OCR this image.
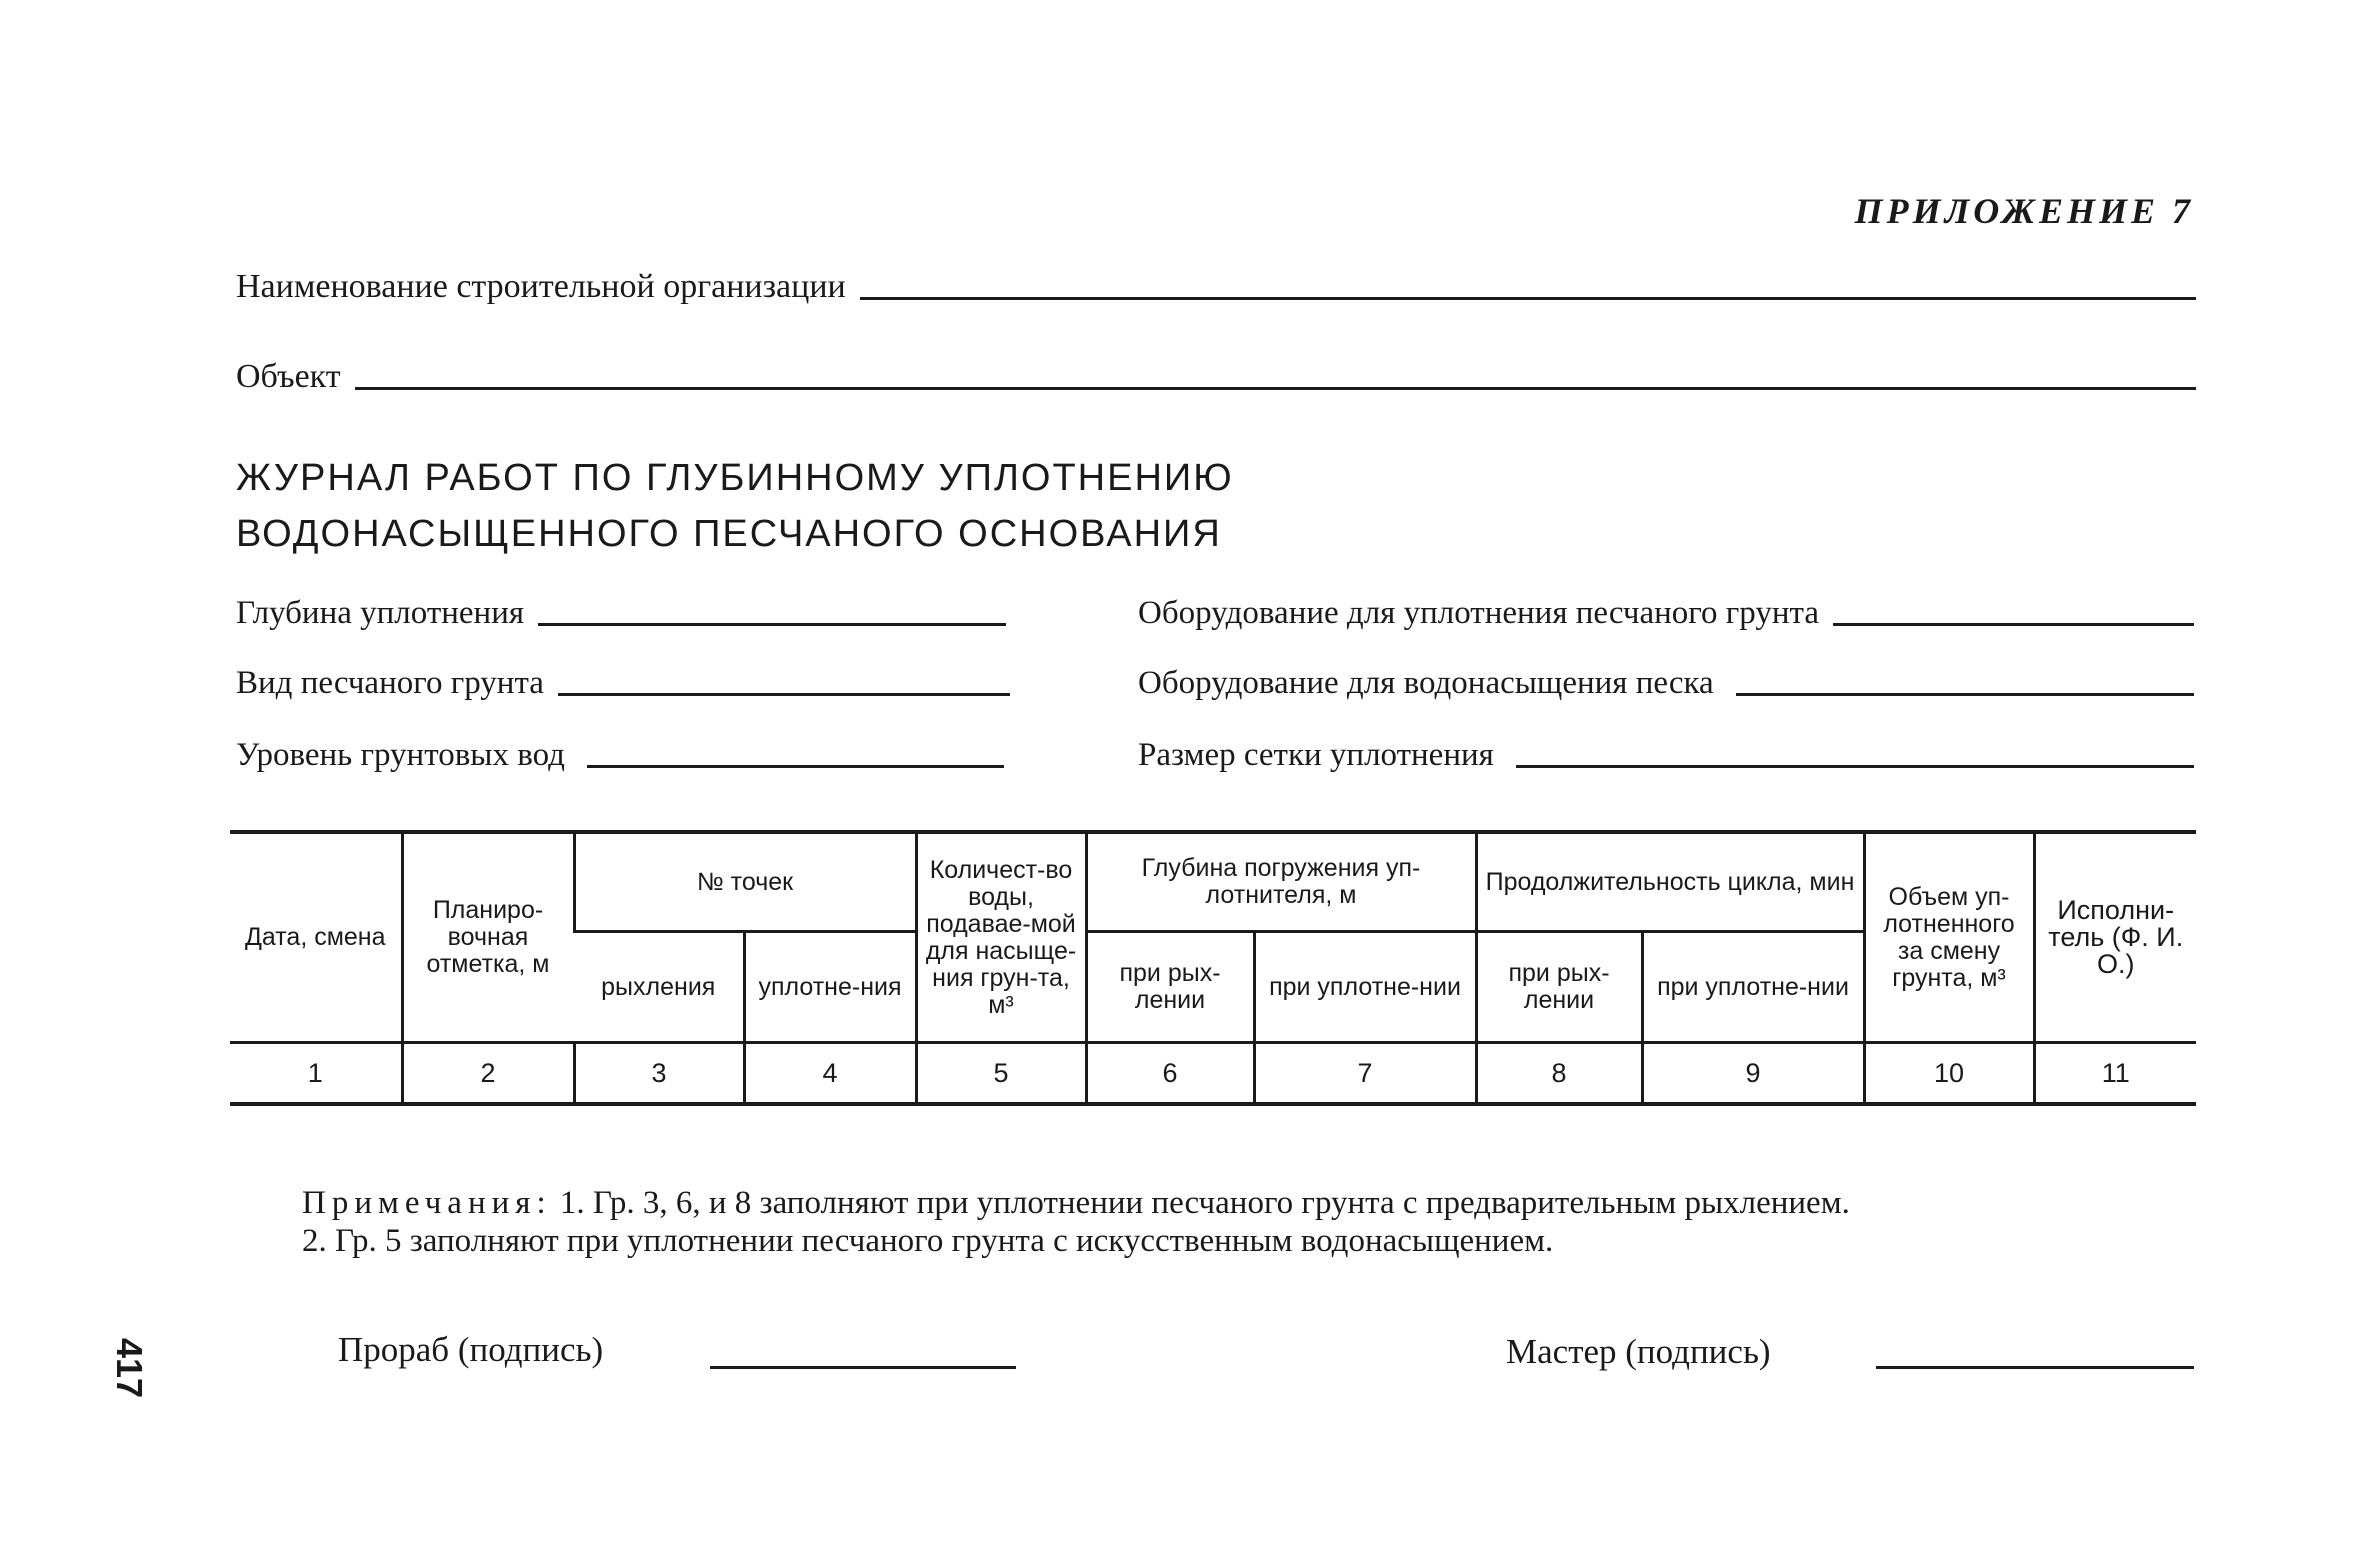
ПРИЛОЖЕНИЕ 7
Наименование строительной организации
Объект
ЖУРНАЛ РАБОТ ПО ГЛУБИННОМУ УПЛОТНЕНИЮ
ВОДОНАСЫЩЕННОГО ПЕСЧАНОГО ОСНОВАНИЯ
Глубина уплотнения
Вид песчаного грунта
Уровень грунтовых вод
Оборудование для уплотнения песчаного грунта
Оборудование для водонасыщения песка
Размер сетки уплотнения
Дата, смена	Планиро-вочная отметка, м	№ точек		Количест-во воды, подавае-мой для насыще-ния грун-та, м³	Глубина погружения уп-лотнителя, м		Продолжительность цикла, мин		Объем уп-лотненного за смену грунта, м³	Исполни-тель (Ф. И. О.)
		рыхления	уплотне-ния		при рых-лении	при уплотне-нии	при рых-лении	при уплотне-нии		
1	2	3	4	5	6	7	8	9	10	11
Примечания: 1. Гр. 3, 6, и 8 заполняют при уплотнении песчаного грунта с предварительным рыхлением.
2. Гр. 5 заполняют при уплотнении песчаного грунта с искусственным водонасыщением.
417	Прораб (подпись)	Мастер (подпись)
